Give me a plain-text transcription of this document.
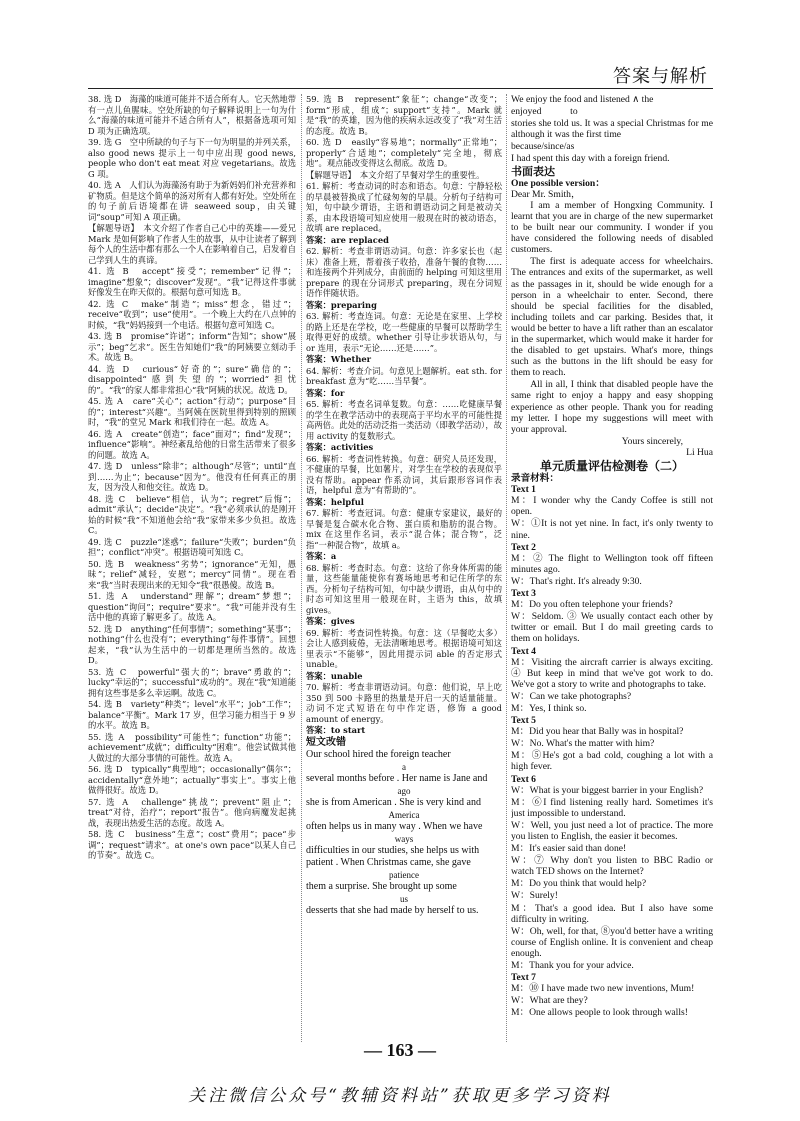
答案与解析

38. 选 D　海藻的味道可能并不适合所有人。它天然地带有一点儿鱼腥味。空处所缺的句子解释说明上一句为什么“海藻的味道可能并不适合所有人”，根据备选项可知 D 项为正确选项。

39. 选 G　空中所缺的句子与下一句为明显的并列关系，also good news 提示上一句中应出现 good news, people who don't eat meat 对应 vegetarians。故选 G 项。

40. 选 A　人们认为海藻汤有助于为新妈妈们补充营养和矿物质。但是这个简单的汤对所有人都有好处。空处所在的句子前后语境都在讲 seaweed soup，由关键词“soup”可知 A 项正确。

【解题导语】　本文介绍了作者自己心中的英雄——爱兄 Mark 是如何影响了作者人生的故事，从中让读者了解到每个人的生活中都有那么一个人在影响着自己，启发着自己学到人生的真谛。

41. 选 B　accept“接受”；remember“记得”；imagine“想象”；discover“发现”。“我”记得这件事就好像发生在昨天似的。根据句意可知选 B。

42. 选 C　make“制造”；miss“想念，错过”；receive“收到”；use“使用”。一个晚上大约在八点钟的时候，“我”妈妈接到一个电话。根据句意可知选 C。

43. 选 B　promise“许诺”；inform“告知”；show“展示”；beg“乞求”。医生告知她们“我”的阿姨要立刻动手术。故选 B。

44. 选 D　curious“好奇的”；sure“确信的”；disappointed“感到失望的”；worried“担忧的”。“我”的家人都非常担心“我”阿姨的状况。故选 D。

45. 选 A　care“关心”；action“行动”；purpose“目的”；interest“兴趣”。当阿姨在医院里得到特别的照顾时，“我”的堂兄 Mark 和我们待在一起。故选 A。

46. 选 A　create“创造”；face“面对”；find“发现”；influence“影响”。神经紊乱给他的日常生活带来了很多的问题。故选 A。

47. 选 D　unless“除非”；although“尽管”；until“直到……为止”；because“因为”。他没有任何真正的朋友，因为没人和他交往。故选 D。

48. 选 C　believe“相信，认为”；regret“后悔”；admit“承认”；decide“决定”。“我”必须承认的是刚开始的时候“我”不知道他会给“我”家带来多少负担。故选 C。

49. 选 C　puzzle“迷惑”；failure“失败”；burden“负担”；conflict“冲突”。根据语境可知选 C。

50. 选 B　weakness“劣势”；ignorance“无知，愚昧”；relief“减轻，安慰”；mercy“同情”。现在看来“我”当时表现出来的无知令“我”很愚傻。故选 B。

51. 选 A　understand“理解”；dream“梦想”；question“询问”；require“要求”。“我”可能并没有生活中他的真谛了解更多了。故选 A。

52. 选 D　anything“任何事情”；something“某事”；nothing“什么也没有”；everything“每件事情”。回想起来，“我”认为生活中的一切都是理所当然的。故选 D。

53. 选 C　powerful“强大的”；brave“勇敢的”；lucky“幸运的”；successful“成功的”。现在“我”知道能拥有这些事是多么幸运啊。故选 C。

54. 选 B　variety“种类”；level“水平”；job“工作”；balance“平衡”。Mark 17 岁，但学习能力相当于 9 岁的水平。故选 B。

55. 选 A　possibility“可能性”；function“功能”；achievement“成就”；difficulty“困难”。他尝试做其他人做过的大部分事情的可能性。故选 A。

56. 选 D　typically“典型地”；occasionally“偶尔”；accidentally“意外地”；actually“事实上”。事实上他做得很好。故选 D。

57. 选 A　challenge“挑战”；prevent“阻止”；treat“对待，治疗”；report“报告”。他向病魔发起挑战，表现出热爱生活的态度。故选 A。

58. 选 C　business“生意”；cost“费用”；pace“步调”；request“请求”。at one's own pace“以某人自己的节奏”。故选 C。

59. 选 B　represent“象征”；change“改变”；form“形成，组成”；support“支持”。Mark 就是“我”的英雄，因为他的疾病永远改变了“我”对生活的态度。故选 B。

60. 选 D　easily“容易地”；normally“正常地”；properly“合适地”；completely“完全地，彻底地”。观点能改变得这么彻底。故选 D。

【解题导语】　本文介绍了早餐对学生的重要性。

61. 解析：考查动词的时态和语态。句意：宁静轻松的早晨被替换成了忙碌匆匆的早晨。分析句子结构可知，句中缺少谓语，主语和谓语动词之间是被动关系，由本段语境可知应使用一般现在时的被动语态，故填 are replaced。

答案：are replaced

62. 解析：考查非谓语动词。句意：许多家长也（起床）准备上班，帮着孩子收拾，准备午餐的食物……和连接两个并列成分，由前面的 helping 可知这里用 prepare 的现在分词形式 preparing，现在分词短语作伴随状语。

答案：preparing

63. 解析：考查连词。句意：无论是在家里、上学校的路上还是在学校，吃一些健康的早餐可以帮助学生取得更好的成绩。whether 引导让步状语从句，与 or 连用，表示“无论……还是……”。

答案：Whether

64. 解析：考查介词。句意见上题解析。eat sth. for breakfast 意为“吃……当早餐”。

答案：for

65. 解析：考查名词单复数。句意：……吃健康早餐的学生在教学活动中的表现高于平均水平的可能性提高两倍。此处的活动泛指一类活动（即教学活动），故用 activity 的复数形式。

答案：activities

66. 解析：考查词性转换。句意：研究人员还发现，不健康的早餐，比如薯片，对学生在学校的表现似乎没有帮助。appear 作系动词，其后跟形容词作表语，helpful 意为“有帮助的”。

答案：helpful

67. 解析：考查冠词。句意：健康专家建议，最好的早餐是复合碳水化合物、蛋白质和脂肪的混合物。mix 在这里作名词，表示“混合体；混合物”，泛指“一种混合物”，故填 a。

答案：a

68. 解析：考查时态。句意：这给了你身体所需的能量，这些能量能使你有赛场地思考和记住所学的东西。分析句子结构可知，句中缺少谓语，由从句中的时态可知这里用一般现在时，主语为 this，故填 gives。

答案：gives

69. 解析：考查词性转换。句意：这（早餐吃太多）会让人感到疲倦，无法清晰地思考。根据语境可知这里表示“不能够”，因此用提示词 able 的否定形式 unable。

答案：unable

70. 解析：考查非谓语动词。句意：他们说，早上吃 350 到 500 卡路里的热量是开启一天的适量能量。动词不定式短语在句中作定语，修饰 a good amount of energy。

答案：to start

短文改错

Our school hired the foreign teacher

a

several months before . Her name is Jane and

ago

she is from American . She is very kind and

America

often helps us in many way . When we have

ways

difficulties in our studies, she helps us with

patient . When Christmas came, she gave

patience

them a surprise. She brought up some

us

desserts that she had made by herself to us.

We enjoy the food and listened ∧ the

enjoyed　　　to

stories she told us. It was a special Christmas for me although it was the first time

because/since/as

I had spent this day with a foreign friend.

书面表达
One possible version：
Dear Mr. Smith，

I am a member of Hongxing Community. I learnt that you are in charge of the new supermarket to be built near our community. I wonder if you have considered the following needs of disabled customers.

The first is adequate access for wheelchairs. The entrances and exits of the supermarket, as well as the passages in it, should be wide enough for a person in a wheelchair to enter. Second, there should be special facilities for the disabled, including toilets and car parking. Besides that, it would be better to have a lift rather than an escalator in the supermarket, which would make it harder for the disabled to get upstairs. What's more, things such as the buttons in the lift should be easy for them to reach.

All in all, I think that disabled people have the same right to enjoy a happy and easy shopping experience as other people. Thank you for reading my letter. I hope my suggestions will meet with your approval.

Yours sincerely,
Li Hua
单元质量评估检测卷（二）
录音材料：
Text 1

M：I wonder why the Candy Coffee is still not open.

W：①It is not yet nine. In fact, it's only twenty to nine.

Text 2

M：② The flight to Wellington took off fifteen minutes ago.

W：That's right. It's already 9:30.

Text 3

M：Do you often telephone your friends?

W：Seldom. ③ We usually contact each other by twitter or email. But I do mail greeting cards to them on holidays.

Text 4

M：Visiting the aircraft carrier is always exciting. ④ But keep in mind that we've got work to do. We've got a story to write and photographs to take.

W：Can we take photographs?

M：Yes, I think so.

Text 5

M：Did you hear that Bally was in hospital?

W：No. What's the matter with him?

M：⑤He's got a bad cold, coughing a lot with a high fever.

Text 6

W：What is your biggest barrier in your English?

M：⑥I find listening really hard. Sometimes it's just impossible to understand.

W：Well, you just need a lot of practice. The more you listen to English, the easier it becomes.

M：It's easier said than done!

W：⑦ Why don't you listen to BBC Radio or watch TED shows on the Internet?

M：Do you think that would help?

W：Surely!

M：That's a good idea. But I also have some difficulty in writing.

W：Oh, well, for that, ⑧you'd better have a writing course of English online. It is convenient and cheap enough.

M：Thank you for your advice.

Text 7

M：⑩ I have made two new inventions, Mum!

W：What are they?

M：One allows people to look through walls!

— 163 —
关注微信公众号“教辅资料站”获取更多学习资料
